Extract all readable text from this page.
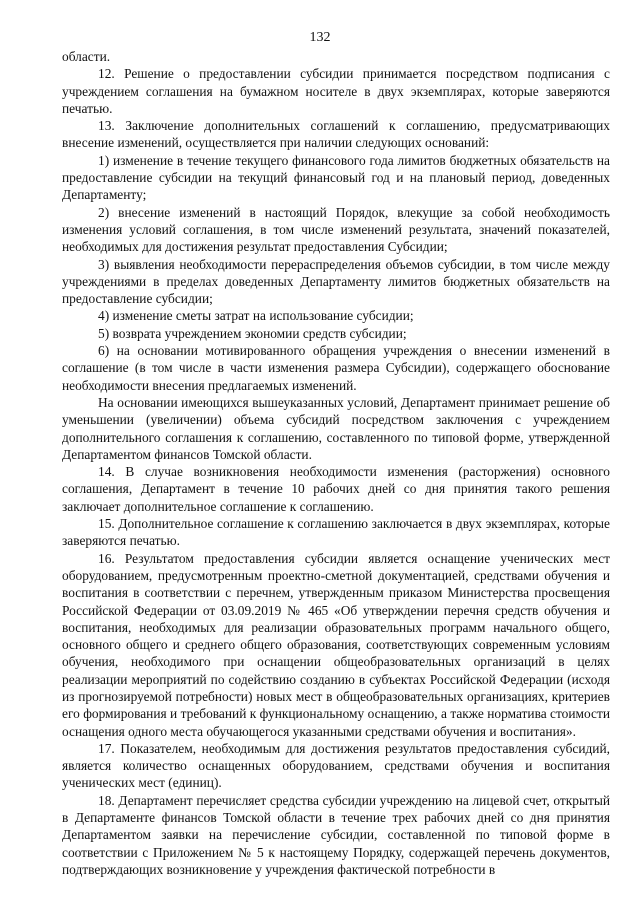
132

области.

12. Решение о предоставлении субсидии принимается посредством подписания с учреждением соглашения на бумажном носителе в двух экземплярах, которые заверяются печатью.

13. Заключение дополнительных соглашений к соглашению, предусматривающих внесение изменений, осуществляется при наличии следующих оснований:

1) изменение в течение текущего финансового года лимитов бюджетных обязательств на предоставление субсидии на текущий финансовый год и на плановый период, доведенных Департаменту;

2) внесение изменений в настоящий Порядок, влекущие за собой необходимость изменения условий соглашения, в том числе изменений результата, значений показателей, необходимых для достижения результат предоставления Субсидии;

3) выявления необходимости перераспределения объемов субсидии, в том числе между учреждениями в пределах доведенных Департаменту лимитов бюджетных обязательств на предоставление субсидии;

4) изменение сметы затрат на использование субсидии;

5) возврата учреждением экономии средств субсидии;

6) на основании мотивированного обращения учреждения о внесении изменений в соглашение (в том числе в части изменения размера Субсидии), содержащего обоснование необходимости внесения предлагаемых изменений.

На основании имеющихся вышеуказанных условий, Департамент принимает решение об уменьшении (увеличении) объема субсидий посредством заключения с учреждением дополнительного соглашения к соглашению, составленного по типовой форме, утвержденной Департаментом финансов Томской области.

14. В случае возникновения необходимости изменения (расторжения) основного соглашения, Департамент в течение 10 рабочих дней со дня принятия такого решения заключает дополнительное соглашение к соглашению.

15. Дополнительное соглашение к соглашению заключается в двух экземплярах, которые заверяются печатью.

16. Результатом предоставления субсидии является оснащение ученических мест оборудованием, предусмотренным проектно-сметной документацией, средствами обучения и воспитания в соответствии с перечнем, утвержденным приказом Министерства просвещения Российской Федерации от 03.09.2019 № 465 «Об утверждении перечня средств обучения и воспитания, необходимых для реализации образовательных программ начального общего, основного общего и среднего общего образования, соответствующих современным условиям обучения, необходимого при оснащении общеобразовательных организаций в целях реализации мероприятий по содействию созданию в субъектах Российской Федерации (исходя из прогнозируемой потребности) новых мест в общеобразовательных организациях, критериев его формирования и требований к функциональному оснащению, а также норматива стоимости оснащения одного места обучающегося указанными средствами обучения и воспитания».

17. Показателем, необходимым для достижения результатов предоставления субсидий, является количество оснащенных оборудованием, средствами обучения и воспитания ученических мест (единиц).

18. Департамент перечисляет средства субсидии учреждению на лицевой счет, открытый в Департаменте финансов Томской области в течение трех рабочих дней со дня принятия Департаментом заявки на перечисление субсидии, составленной по типовой форме в соответствии с Приложением № 5 к настоящему Порядку, содержащей перечень документов, подтверждающих возникновение у учреждения фактической потребности в
